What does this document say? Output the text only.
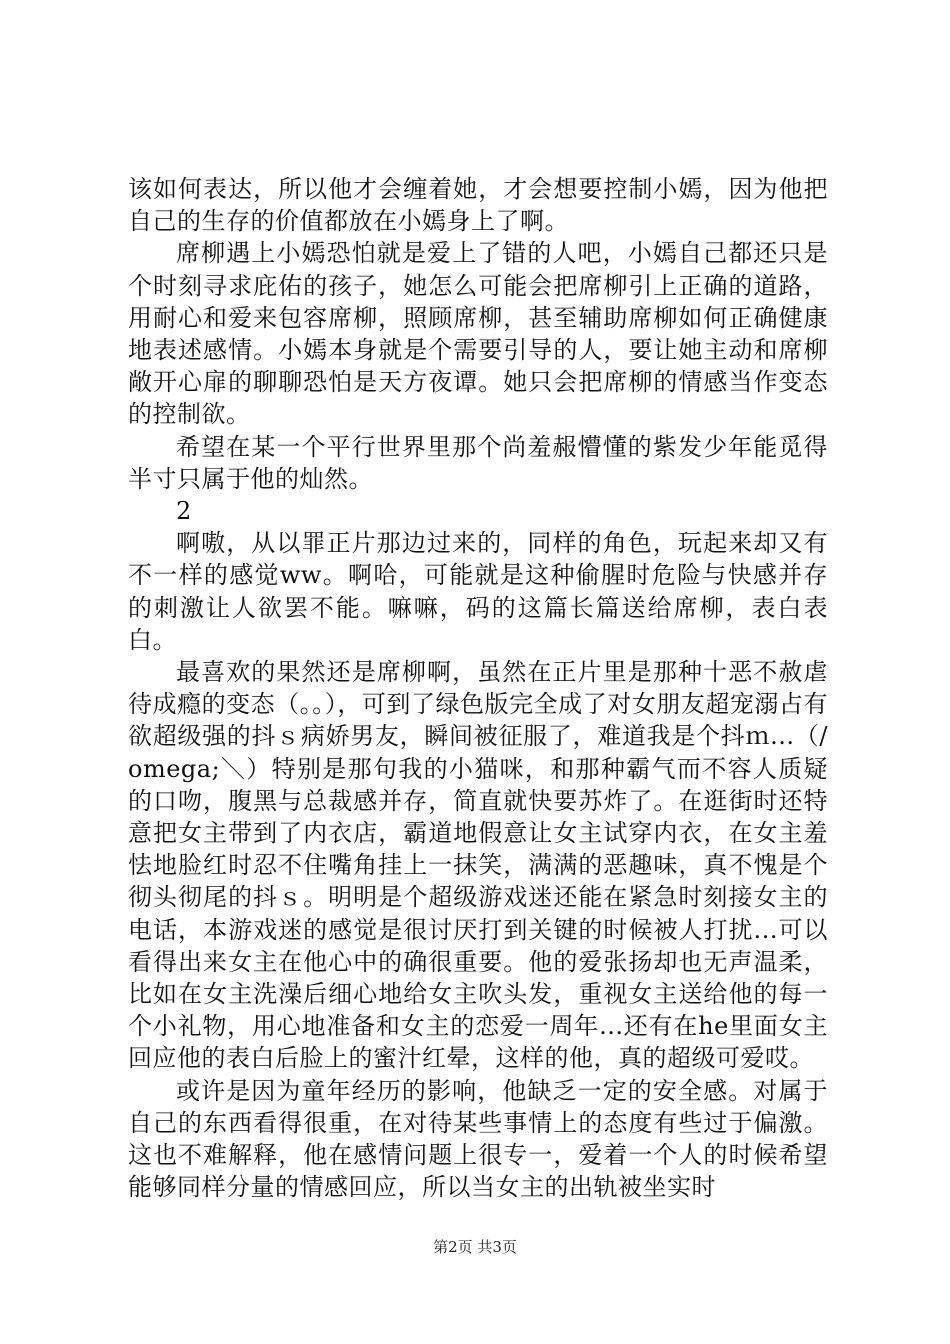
该如何表达，所以他才会缠着她，才会想要控制小嫣，因为他把自己的生存的价值都放在小嫣身上了啊。

席柳遇上小嫣恐怕就是爱上了错的人吧，小嫣自己都还只是个时刻寻求庇佑的孩子，她怎么可能会把席柳引上正确的道路，用耐心和爱来包容席柳，照顾席柳，甚至辅助席柳如何正确健康地表述感情。小嫣本身就是个需要引导的人，要让她主动和席柳敞开心扉的聊聊恐怕是天方夜谭。她只会把席柳的情感当作变态的控制欲。

希望在某一个平行世界里那个尚羞赧懵懂的紫发少年能觅得半寸只属于他的灿然。

2

啊嗷，从以罪正片那边过来的，同样的角色，玩起来却又有不一样的感觉ww。啊哈，可能就是这种偷腥时危险与快感并存的刺激让人欲罢不能。嘛嘛，码的这篇长篇送给席柳，表白表白。

最喜欢的果然还是席柳啊，虽然在正片里是那种十恶不赦虐待成瘾的变态（。。），可到了绿色版完全成了对女朋友超宠溺占有欲超级强的抖ｓ病娇男友，瞬间被征服了，难道我是个抖ｍ...（/omega;＼）特别是那句我的小猫咪，和那种霸气而不容人质疑的口吻，腹黑与总裁感并存，简直就快要苏炸了。在逛街时还特意把女主带到了内衣店，霸道地假意让女主试穿内衣，在女主羞怯地脸红时忍不住嘴角挂上一抹笑，满满的恶趣味，真不愧是个彻头彻尾的抖ｓ。明明是个超级游戏迷还能在紧急时刻接女主的电话，本游戏迷的感觉是很讨厌打到关键的时候被人打扰...可以看得出来女主在他心中的确很重要。他的爱张扬却也无声温柔，比如在女主洗澡后细心地给女主吹头发，重视女主送给他的每一个小礼物，用心地准备和女主的恋爱一周年...还有在he里面女主回应他的表白后脸上的蜜汁红晕，这样的他，真的超级可爱哎。

或许是因为童年经历的影响，他缺乏一定的安全感。对属于自己的东西看得很重，在对待某些事情上的态度有些过于偏激。这也不难解释，他在感情问题上很专一，爱着一个人的时候希望能够同样分量的情感回应，所以当女主的出轨被坐实时

第2页 共3页
